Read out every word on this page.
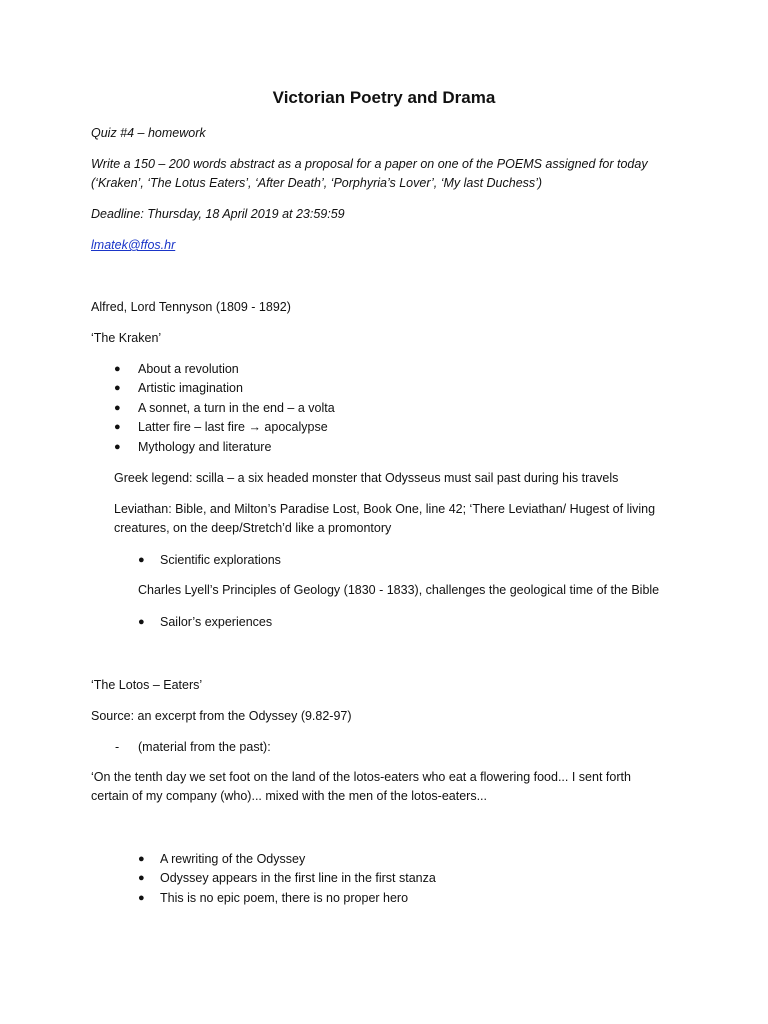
Victorian Poetry and Drama
Quiz #4 – homework
Write a 150 – 200 words abstract as a proposal for a paper on one of the POEMS assigned for today
(‘Kraken’, ‘The Lotus Eaters’, ‘After Death’, ‘Porphyria’s Lover’, ‘My last Duchess’)
Deadline: Thursday, 18 April 2019 at 23:59:59
lmatek@ffos.hr
Alfred, Lord Tennyson (1809 - 1892)
‘The Kraken’
● About a revolution
● Artistic imagination
● A sonnet, a turn in the end – a volta
● Latter fire – last fire → apocalypse
● Mythology and literature
Greek legend: scilla – a six headed monster that Odysseus must sail past during his travels
Leviathan: Bible, and Milton’s Paradise Lost, Book One, line 42; ‘There Leviathan/ Hugest of living
creatures, on the deep/Stretch’d like a promontory
● Scientific explorations
Charles Lyell’s Principles of Geology (1830 - 1833), challenges the geological time of the Bible
● Sailor’s experiences
‘The Lotos – Eaters’
Source: an excerpt from the Odyssey (9.82-97)
- (material from the past):
‘On the tenth day we set foot on the land of the lotos-eaters who eat a flowering food... I sent forth
certain of my company (who)... mixed with the men of the lotos-eaters...
● A rewriting of the Odyssey
● Odyssey appears in the first line in the first stanza
● This is no epic poem, there is no proper hero
